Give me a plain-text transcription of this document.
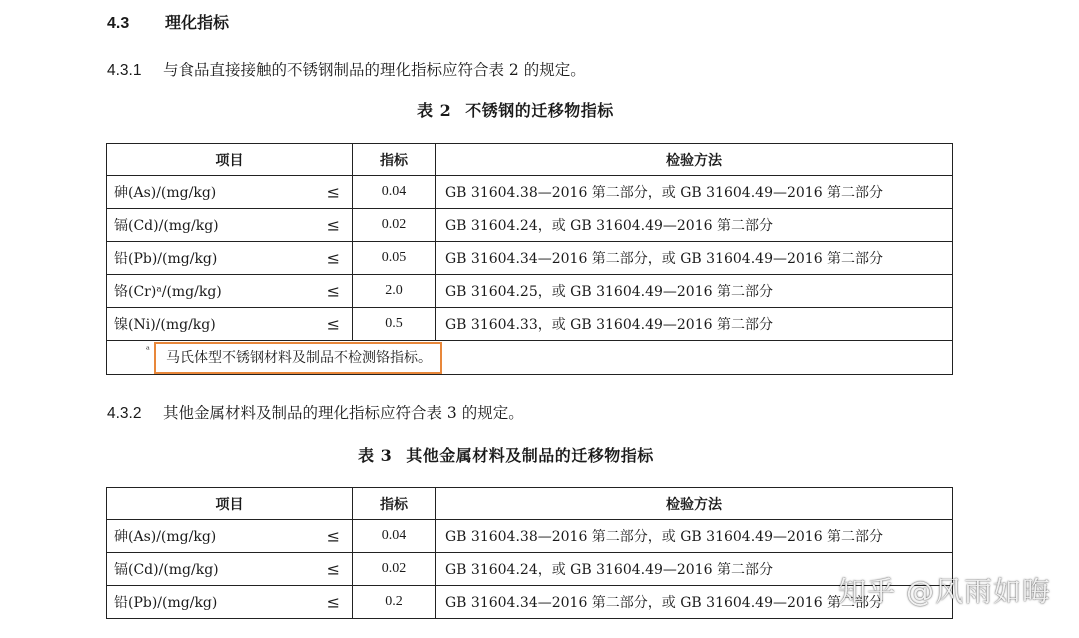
4.3 理化指标
4.3.1 与食品直接接触的不锈钢制品的理化指标应符合表 2 的规定。
表 2 不锈钢的迁移物指标
项目	指标	检验方法
砷(As)/(mg/kg) ≤	0.04	GB 31604.38—2016 第二部分，或 GB 31604.49—2016 第二部分
镉(Cd)/(mg/kg) ≤	0.02	GB 31604.24，或 GB 31604.49—2016 第二部分
铅(Pb)/(mg/kg) ≤	0.05	GB 31604.34—2016 第二部分，或 GB 31604.49—2016 第二部分
铬(Cr)ᵃ/(mg/kg) ≤	2.0	GB 31604.25，或 GB 31604.49—2016 第二部分
镍(Ni)/(mg/kg) ≤	0.5	GB 31604.33，或 GB 31604.49—2016 第二部分

ᵃ 马氏体型不锈钢材料及制品不检测铬指标。		
4.3.2 其他金属材料及制品的理化指标应符合表 3 的规定。
表 3 其他金属材料及制品的迁移物指标
项目	指标	检验方法
砷(As)/(mg/kg) ≤	0.04	GB 31604.38—2016 第二部分，或 GB 31604.49—2016 第二部分
镉(Cd)/(mg/kg) ≤	0.02	GB 31604.24，或 GB 31604.49—2016 第二部分
铅(Pb)/(mg/kg) ≤	0.2	GB 31604.34—2016 第二部分，或 GB 31604.49—2016 第二部分
知乎 @风雨如晦
